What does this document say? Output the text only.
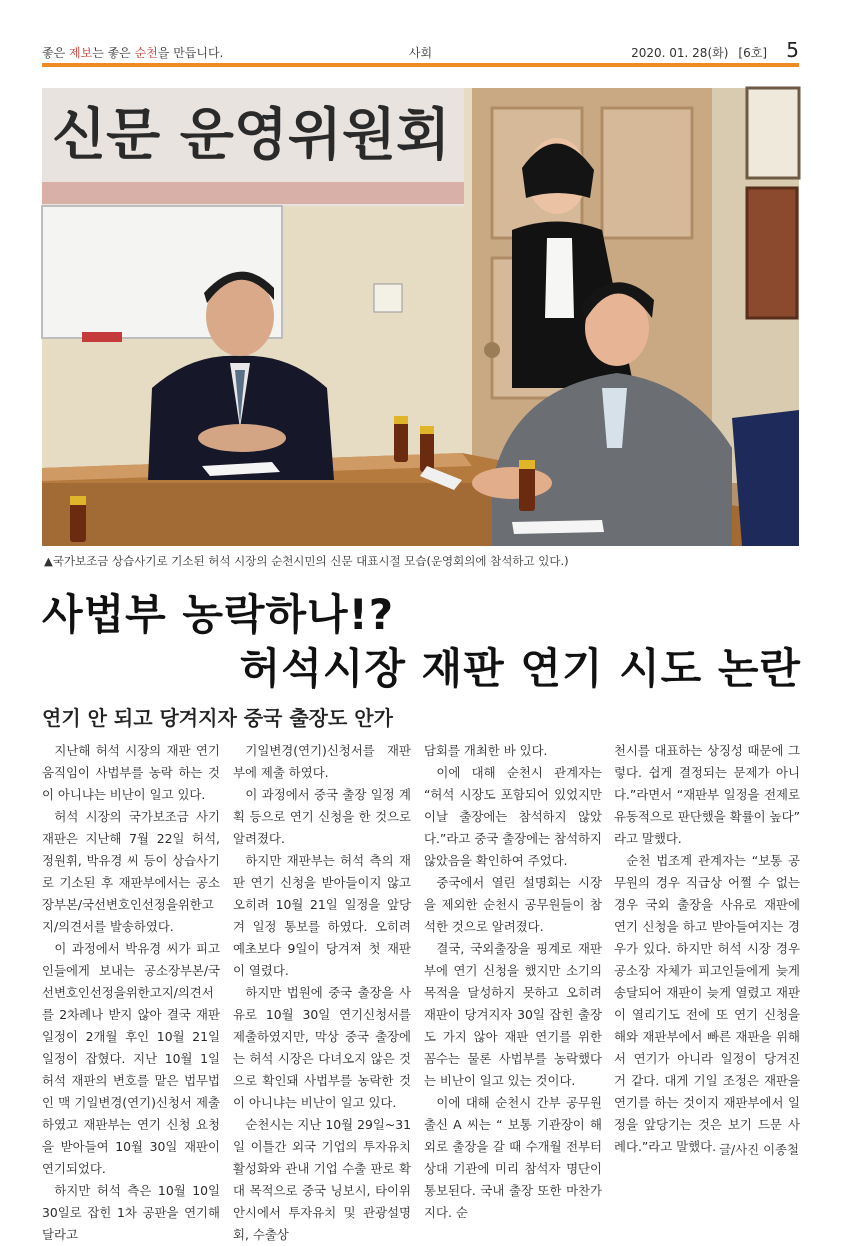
좋은 제보는 좋은 순천을 만듭니다.	사회	2020. 01. 28(화) [6호] 5
신문 운영위원회
▲국가보조금 상습사기로 기소된 허석 시장의 순천시민의 신문 대표시절 모습(운영회의에 참석하고 있다.)
사법부 농락하나!?
허석시장 재판 연기 시도 논란
연기 안 되고 당겨지자 중국 출장도 안가

지난해 허석 시장의 재판 연기 움직임이 사법부를 농락 하는 것이 아니냐는 비난이 일고 있다.

허석 시장의 국가보조금 사기 재판은 지난해 7월 22일 허석, 정원휘, 박유경 씨 등이 상습사기로 기소된 후 재판부에서는 공소장부본/국선변호인선정을위한고지/의견서를 발송하였다.

이 과정에서 박유경 씨가 피고인들에게 보내는 공소장부본/국선변호인선정을위한고지/의견서를 2차례나 받지 않아 결국 재판 일정이 2개월 후인 10월 21일 일정이 잡혔다. 지난 10월 1일 허석 재판의 변호를 맡은 법무법인 맥 기일변경(연기)신청서 제출하였고 재판부는 연기 신청 요청을 받아들여 10월 30일 재판이 연기되었다.

하지만 허석 측은 10월 10일 30일로 잡힌 1차 공판을 연기해달라고

기일변경(연기)신청서를 재판부에 제출 하였다.

이 과정에서 중국 출장 일정 계획 등으로 연기 신청을 한 것으로 알려졌다.

하지만 재판부는 허석 측의 재판 연기 신청을 받아들이지 않고 오히려 10월 21일 일정을 앞당겨 일정 통보를 하였다. 오히려 예초보다 9일이 당겨져 첫 재판이 열렸다.

하지만 법원에 중국 출장을 사유로 10월 30일 연기신청서를 제출하였지만, 막상 중국 출장에는 허석 시장은 다녀오지 않은 것으로 확인돼 사법부를 농락한 것이 아니냐는 비난이 일고 있다.

순천시는 지난 10월 29일~31일 이틀간 외국 기업의 투자유치 활성화와 관내 기업 수출 판로 확대 목적으로 중국 닝보시, 타이위안시에서 투자유치 및 관광설명회, 수출상

담회를 개최한 바 있다.

이에 대해 순천시 관계자는 “허석 시장도 포함되어 있었지만 이날 출장에는 참석하지 않았다.”라고 중국 출장에는 참석하지 않았음을 확인하여 주었다.

중국에서 열린 설명회는 시장을 제외한 순천시 공무원들이 참석한 것으로 알려졌다.

결국, 국외출장을 핑계로 재판부에 연기 신청을 했지만 소기의 목적을 달성하지 못하고 오히려 재판이 당겨지자 30일 잡힌 출장도 가지 않아 재판 연기를 위한 꼼수는 물론 사법부를 농락했다는 비난이 일고 있는 것이다.

이에 대해 순천시 간부 공무원 출신 A 씨는 “ 보통 기관장이 해외로 출장을 갈 때 수개월 전부터 상대 기관에 미리 참석자 명단이 통보된다. 국내 출장 또한 마찬가지다. 순

천시를 대표하는 상징성 때문에 그렇다. 쉽게 결정되는 문제가 아니다.”라면서 “재판부 일정을 전제로 유동적으로 판단했을 확률이 높다” 라고 말했다.

순천 법조계 관계자는 “보통 공무원의 경우 직급상 어쩔 수 없는 경우 국외 출장을 사유로 재판에 연기 신청을 하고 받아들여지는 경우가 있다. 하지만 허석 시장 경우 공소장 자체가 피고인들에게 늦게 송달되어 재판이 늦게 열렸고 재판이 열리기도 전에 또 연기 신청을 해와 재판부에서 빠른 재판을 위해서 연기가 아니라 일정이 당겨진 거 같다. 대게 기일 조정은 재판을 연기를 하는 것이지 재판부에서 일정을 앞당기는 것은 보기 드문 사례다.”라고 말했다. 글/사진 이종철
